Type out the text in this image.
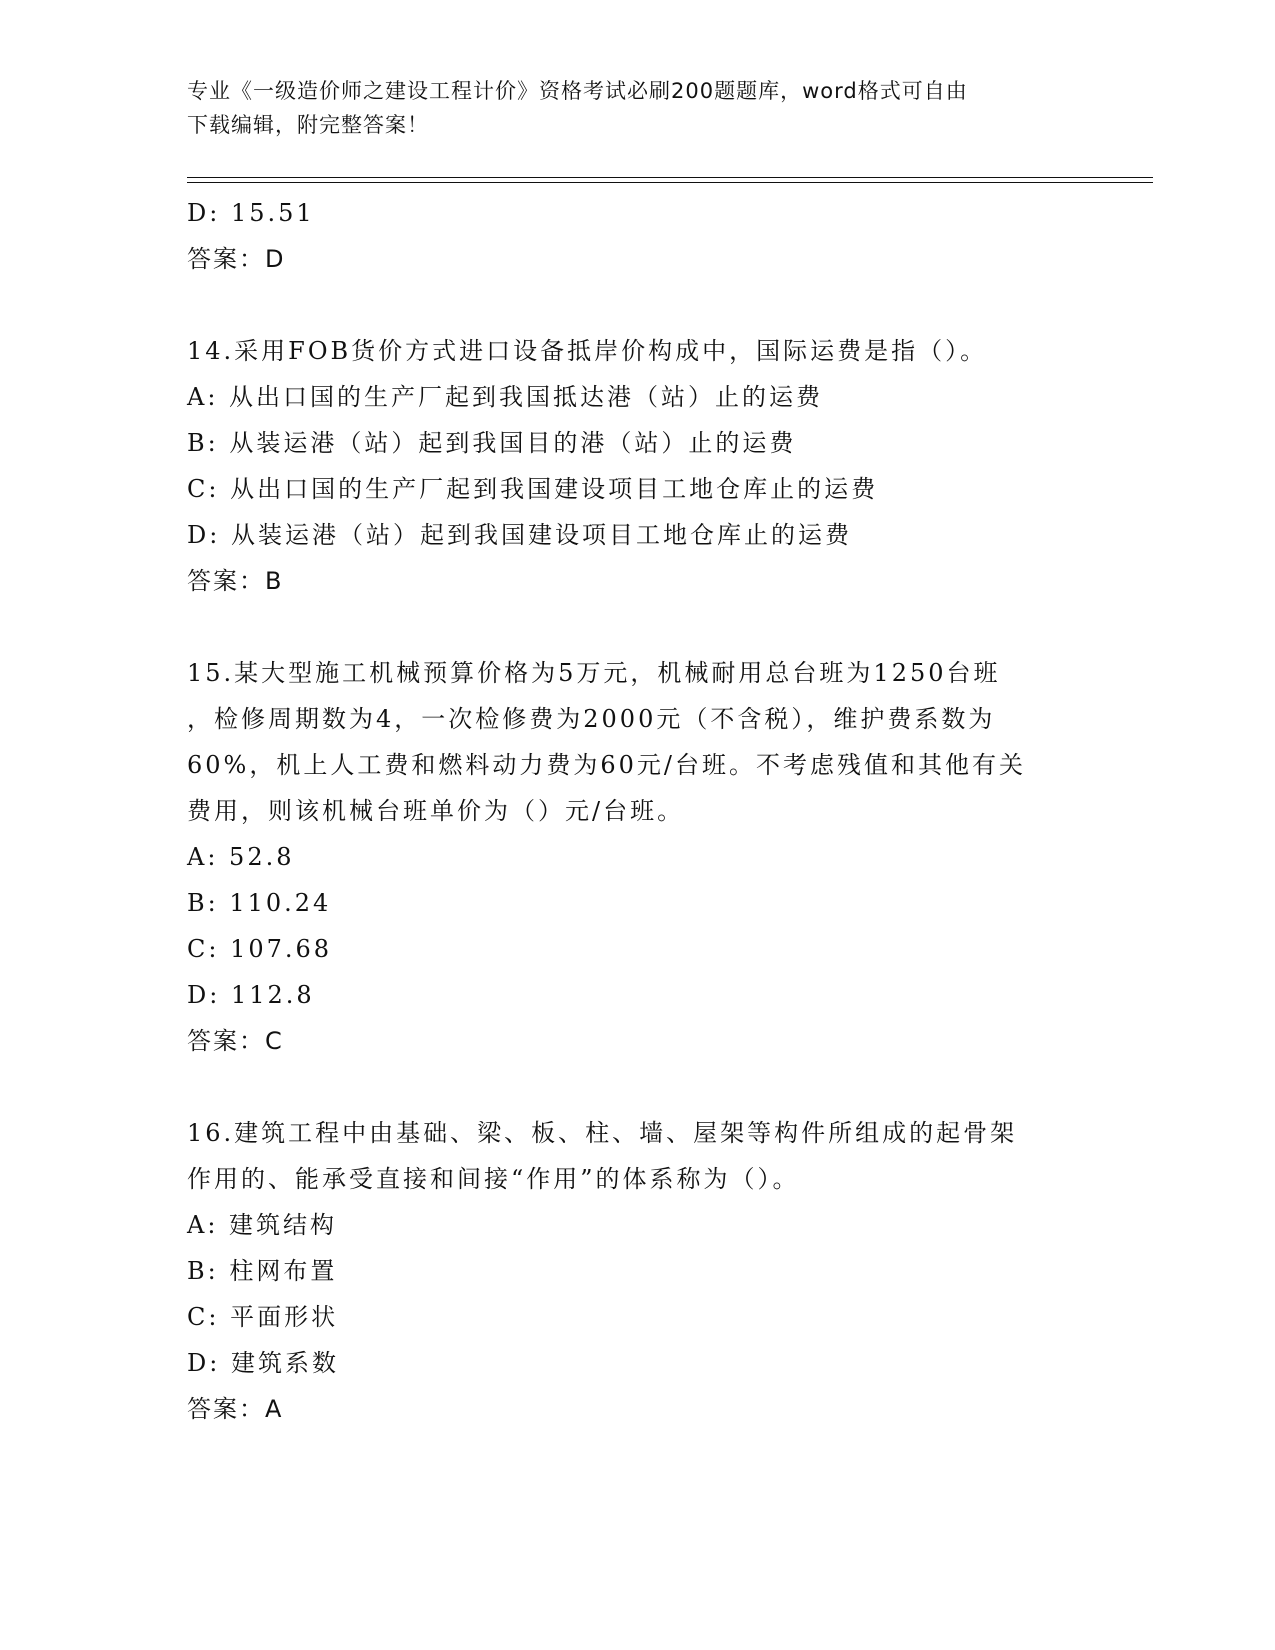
专业《一级造价师之建设工程计价》资格考试必刷200题题库，word格式可自由
下载编辑，附完整答案！
D: 15.51
答案：D
14.采用FOB货价方式进口设备抵岸价构成中，国际运费是指（）。
A: 从出口国的生产厂起到我国抵达港（站）止的运费
B: 从装运港（站）起到我国目的港（站）止的运费
C: 从出口国的生产厂起到我国建设项目工地仓库止的运费
D: 从装运港（站）起到我国建设项目工地仓库止的运费
答案：B
15.某大型施工机械预算价格为5万元，机械耐用总台班为1250台班
，检修周期数为4，一次检修费为2000元（不含税），维护费系数为
60%，机上人工费和燃料动力费为60元/台班。不考虑残值和其他有关
费用，则该机械台班单价为（）元/台班。
A: 52.8
B: 110.24
C: 107.68
D: 112.8
答案：C
16.建筑工程中由基础、梁、板、柱、墙、屋架等构件所组成的起骨架
作用的、能承受直接和间接“作用”的体系称为（）。
A: 建筑结构
B: 柱网布置
C: 平面形状
D: 建筑系数
答案：A
